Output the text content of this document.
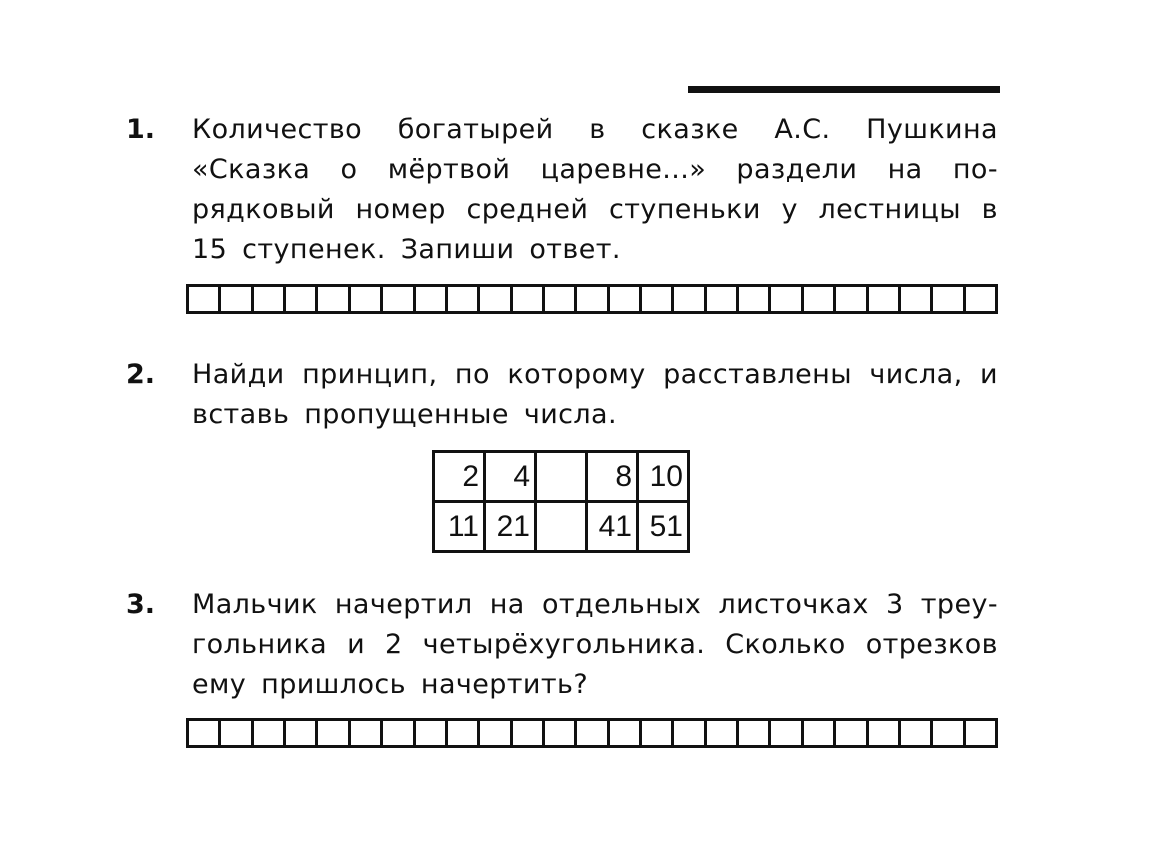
1. Количество богатырей в сказке А.С. Пушкина
«Сказка о мёртвой царевне...» раздели на по-
рядковый номер средней ступеньки у лестницы в
15 ступенек. Запиши ответ.
2. Найди принцип, по которому расставлены числа, и
вставь пропущенные числа.
2	4		8	10
11	21		41	51
3. Мальчик начертил на отдельных листочках 3 треу-
гольника и 2 четырёхугольника. Сколько отрезков
ему пришлось начертить?
